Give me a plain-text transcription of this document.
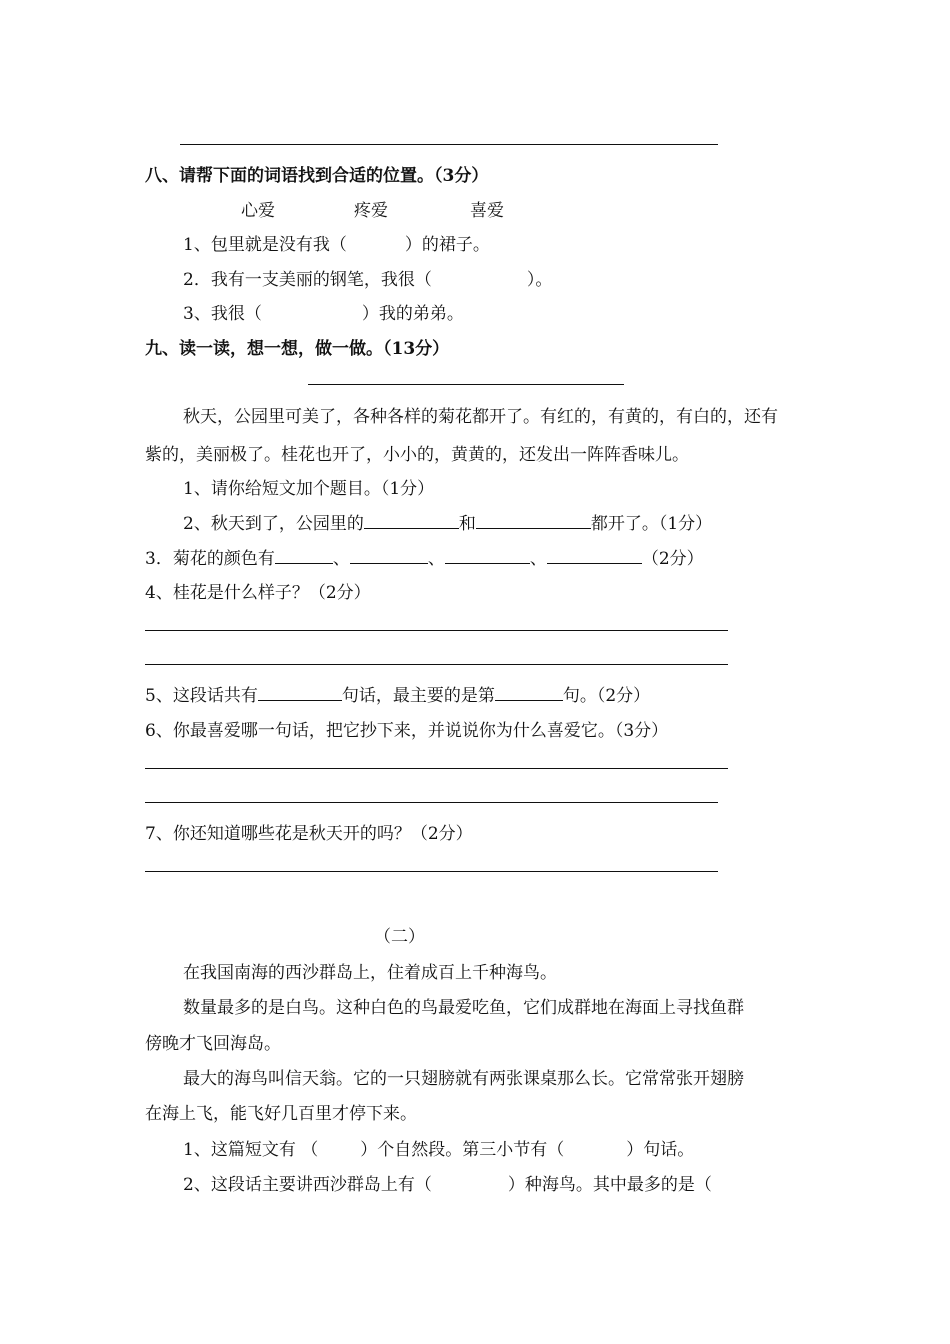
八、请帮下面的词语找到合适的位置。（3分）
心爱	疼爱	喜爱
1、包里就是没有我（	）的裙子。
2．我有一支美丽的钢笔，我很（	）。
3、我很（	）我的弟弟。
九、读一读，想一想，做一做。（13分）
秋天，公园里可美了，各种各样的菊花都开了。有红的，有黄的，有白的，还有
紫的，美丽极了。桂花也开了，小小的，黄黄的，还发出一阵阵香味儿。
1、请你给短文加个题目。（1分）
2、秋天到了，公园里的	和	都开了。（1分）
3．菊花的颜色有	、	、	、	（2分）
4、桂花是什么样子？（2分）
5、这段话共有	句话，最主要的是第	句。（2分）
6、你最喜爱哪一句话，把它抄下来，并说说你为什么喜爱它。（3分）
7、你还知道哪些花是秋天开的吗？（2分）
（二）
在我国南海的西沙群岛上，住着成百上千种海鸟。
数量最多的是白鸟。这种白色的鸟最爱吃鱼，它们成群地在海面上寻找鱼群
傍晚才飞回海岛。
最大的海鸟叫信天翁。它的一只翅膀就有两张课桌那么长。它常常张开翅膀
在海上飞，能飞好几百里才停下来。
1、这篇短文有 （ ）个自然段。第三小节有（	）句话。
2、这段话主要讲西沙群岛上有（	）种海鸟。其中最多的是（
